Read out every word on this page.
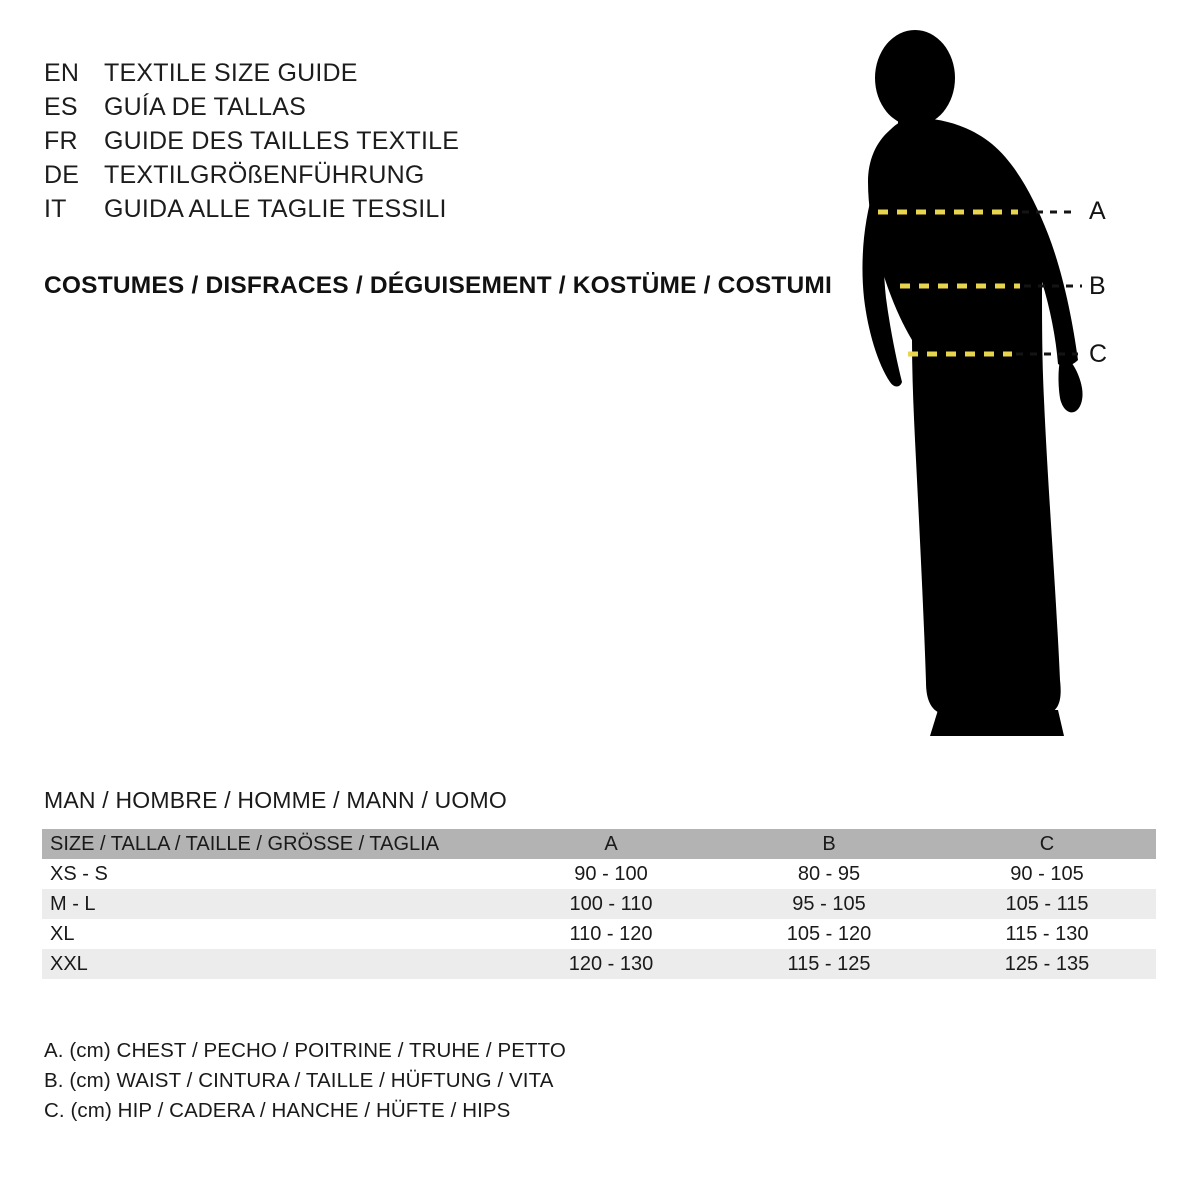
EN TEXTILE SIZE GUIDE
ES	GUÍA DE TALLAS
FR	GUIDE DES TAILLES TEXTILE
DE TEXTILGRÖßENFÜHRUNG
IT	GUIDA ALLE TAGLIE TESSILI
COSTUMES / DISFRACES / DÉGUISEMENT / KOSTÜME / COSTUMI
A
B
C
MAN / HOMBRE / HOMME / MANN / UOMO
SIZE / TALLA / TAILLE / GRÖSSE / TAGLIA	A	B	C
XS - S	90 - 100	80 - 95	90 - 105
M - L	100 - 110	95 - 105	105 - 115
XL	110 - 120	105 - 120	115 - 130
XXL	120 - 130	115 - 125	125 - 135
A. (cm) CHEST / PECHO / POITRINE / TRUHE / PETTO
B. (cm) WAIST / CINTURA / TAILLE / HÜFTUNG / VITA
C. (cm) HIP / CADERA / HANCHE / HÜFTE / HIPS
